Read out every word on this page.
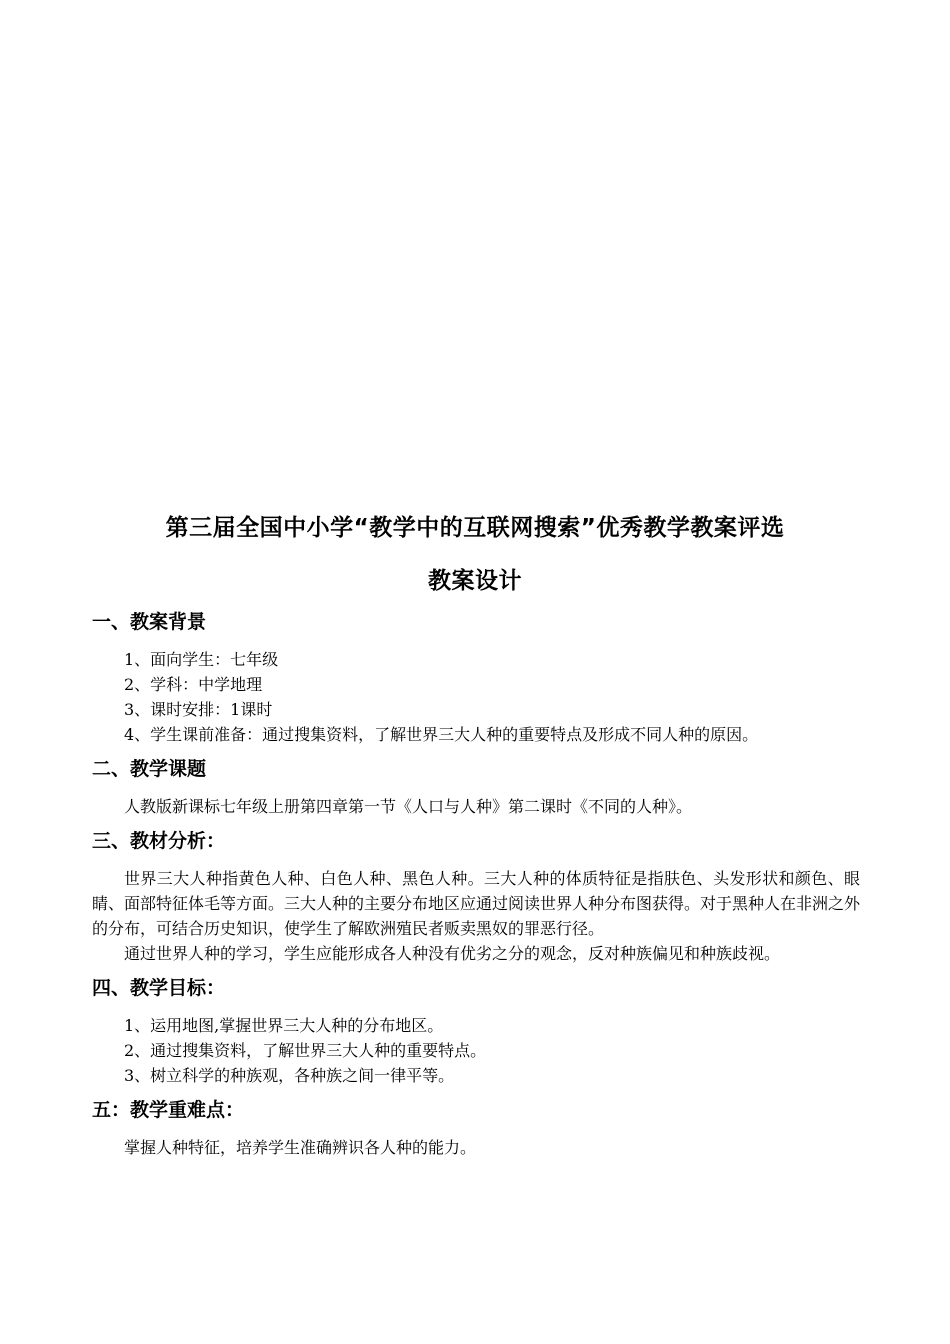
第三届全国中小学“教学中的互联网搜索”优秀教学教案评选
教案设计
一、教案背景

1、面向学生：七年级

2、学科：中学地理

3、课时安排：1课时

4、学生课前准备：通过搜集资料，了解世界三大人种的重要特点及形成不同人种的原因。

二、教学课题

人教版新课标七年级上册第四章第一节《人口与人种》第二课时《不同的人种》。

三、教材分析：

世界三大人种指黄色人种、白色人种、黑色人种。三大人种的体质特征是指肤色、头发形状和颜色、眼睛、面部特征体毛等方面。三大人种的主要分布地区应通过阅读世界人种分布图获得。对于黑种人在非洲之外的分布，可结合历史知识，使学生了解欧洲殖民者贩卖黑奴的罪恶行径。

通过世界人种的学习，学生应能形成各人种没有优劣之分的观念，反对种族偏见和种族歧视。

四、教学目标：

1、运用地图,掌握世界三大人种的分布地区。

2、通过搜集资料，了解世界三大人种的重要特点。

3、树立科学的种族观，各种族之间一律平等。

五：教学重难点：

掌握人种特征，培养学生准确辨识各人种的能力。
